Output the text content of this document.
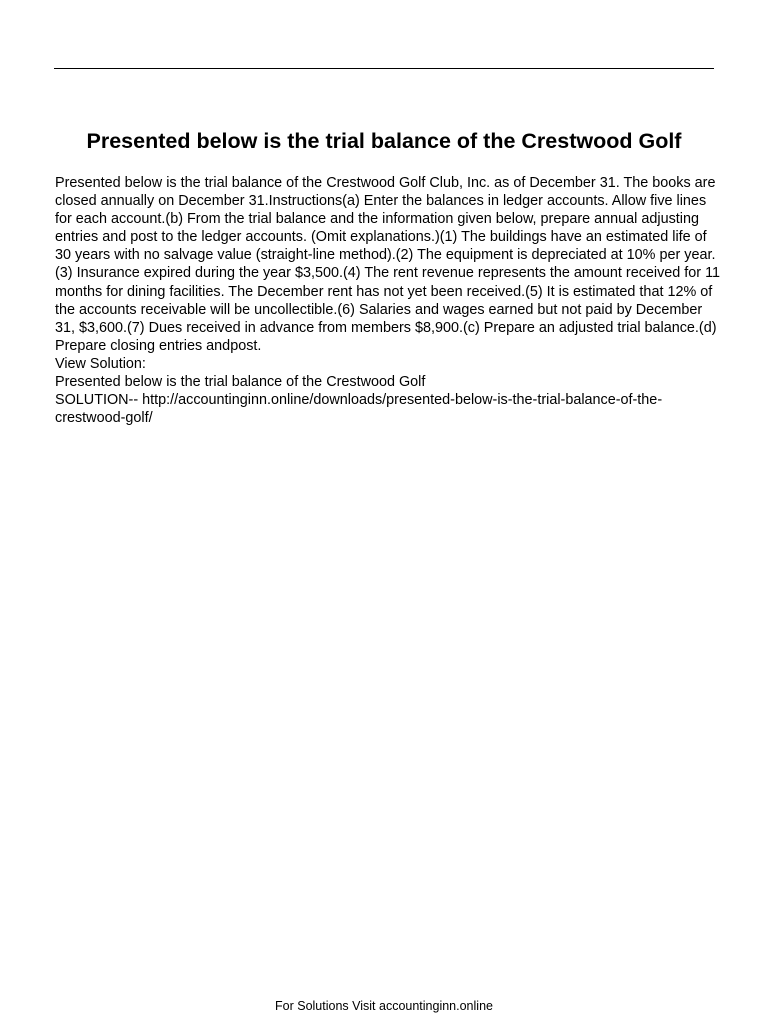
Presented below is the trial balance of the Crestwood Golf

Presented below is the trial balance of the Crestwood Golf Club, Inc. as of December 31. The books are closed annually on December 31.Instructions(a) Enter the balances in ledger accounts. Allow five lines for each account.(b) From the trial balance and the information given below, prepare annual adjusting entries and post to the ledger accounts. (Omit explanations.)(1) The buildings have an estimated life of 30 years with no salvage value (straight-line method).(2) The equipment is depreciated at 10% per year.(3) Insurance expired during the year $3,500.(4) The rent revenue represents the amount received for 11 months for dining facilities. The December rent has not yet been received.(5) It is estimated that 12% of the accounts receivable will be uncollectible.(6) Salaries and wages earned but not paid by December 31, $3,600.(7) Dues received in advance from members $8,900.(c) Prepare an adjusted trial balance.(d) Prepare closing entries andpost.

View Solution:

Presented below is the trial balance of the Crestwood Golf

SOLUTION-- http://accountinginn.online/downloads/presented-below-is-the-trial-balance-of-the-crestwood-golf/

For Solutions Visit accountinginn.online
